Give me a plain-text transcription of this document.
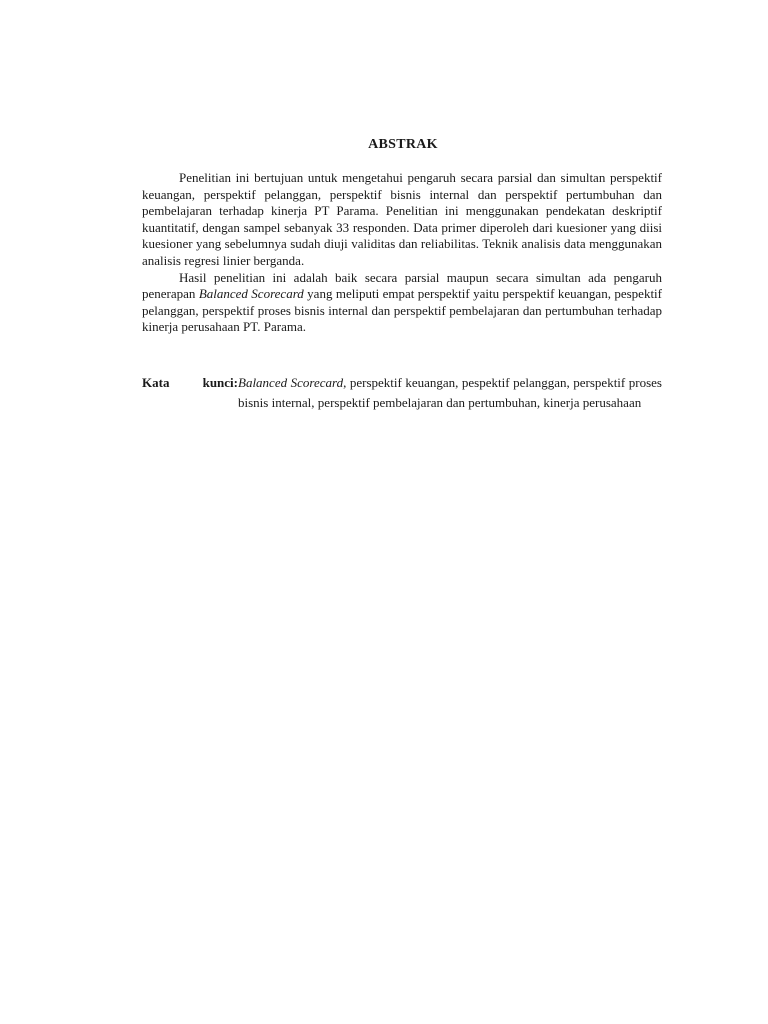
ABSTRAK

Penelitian ini bertujuan untuk mengetahui pengaruh secara parsial dan simultan perspektif keuangan, perspektif pelanggan, perspektif bisnis internal dan perspektif pertumbuhan dan pembelajaran terhadap kinerja PT Parama. Penelitian ini menggunakan pendekatan deskriptif kuantitatif, dengan sampel sebanyak 33 responden. Data primer diperoleh dari kuesioner yang diisi kuesioner yang sebelumnya sudah diuji validitas dan reliabilitas. Teknik analisis data menggunakan analisis regresi linier berganda.

Hasil penelitian ini adalah baik secara parsial maupun secara simultan ada pengaruh penerapan Balanced Scorecard yang meliputi empat perspektif yaitu perspektif keuangan, pespektif pelanggan, perspektif proses bisnis internal dan perspektif pembelajaran dan pertumbuhan terhadap kinerja perusahaan PT. Parama.

Kata kunci: Balanced Scorecard, perspektif keuangan, pespektif pelanggan, perspektif proses bisnis internal, perspektif pembelajaran dan pertumbuhan, kinerja perusahaan
